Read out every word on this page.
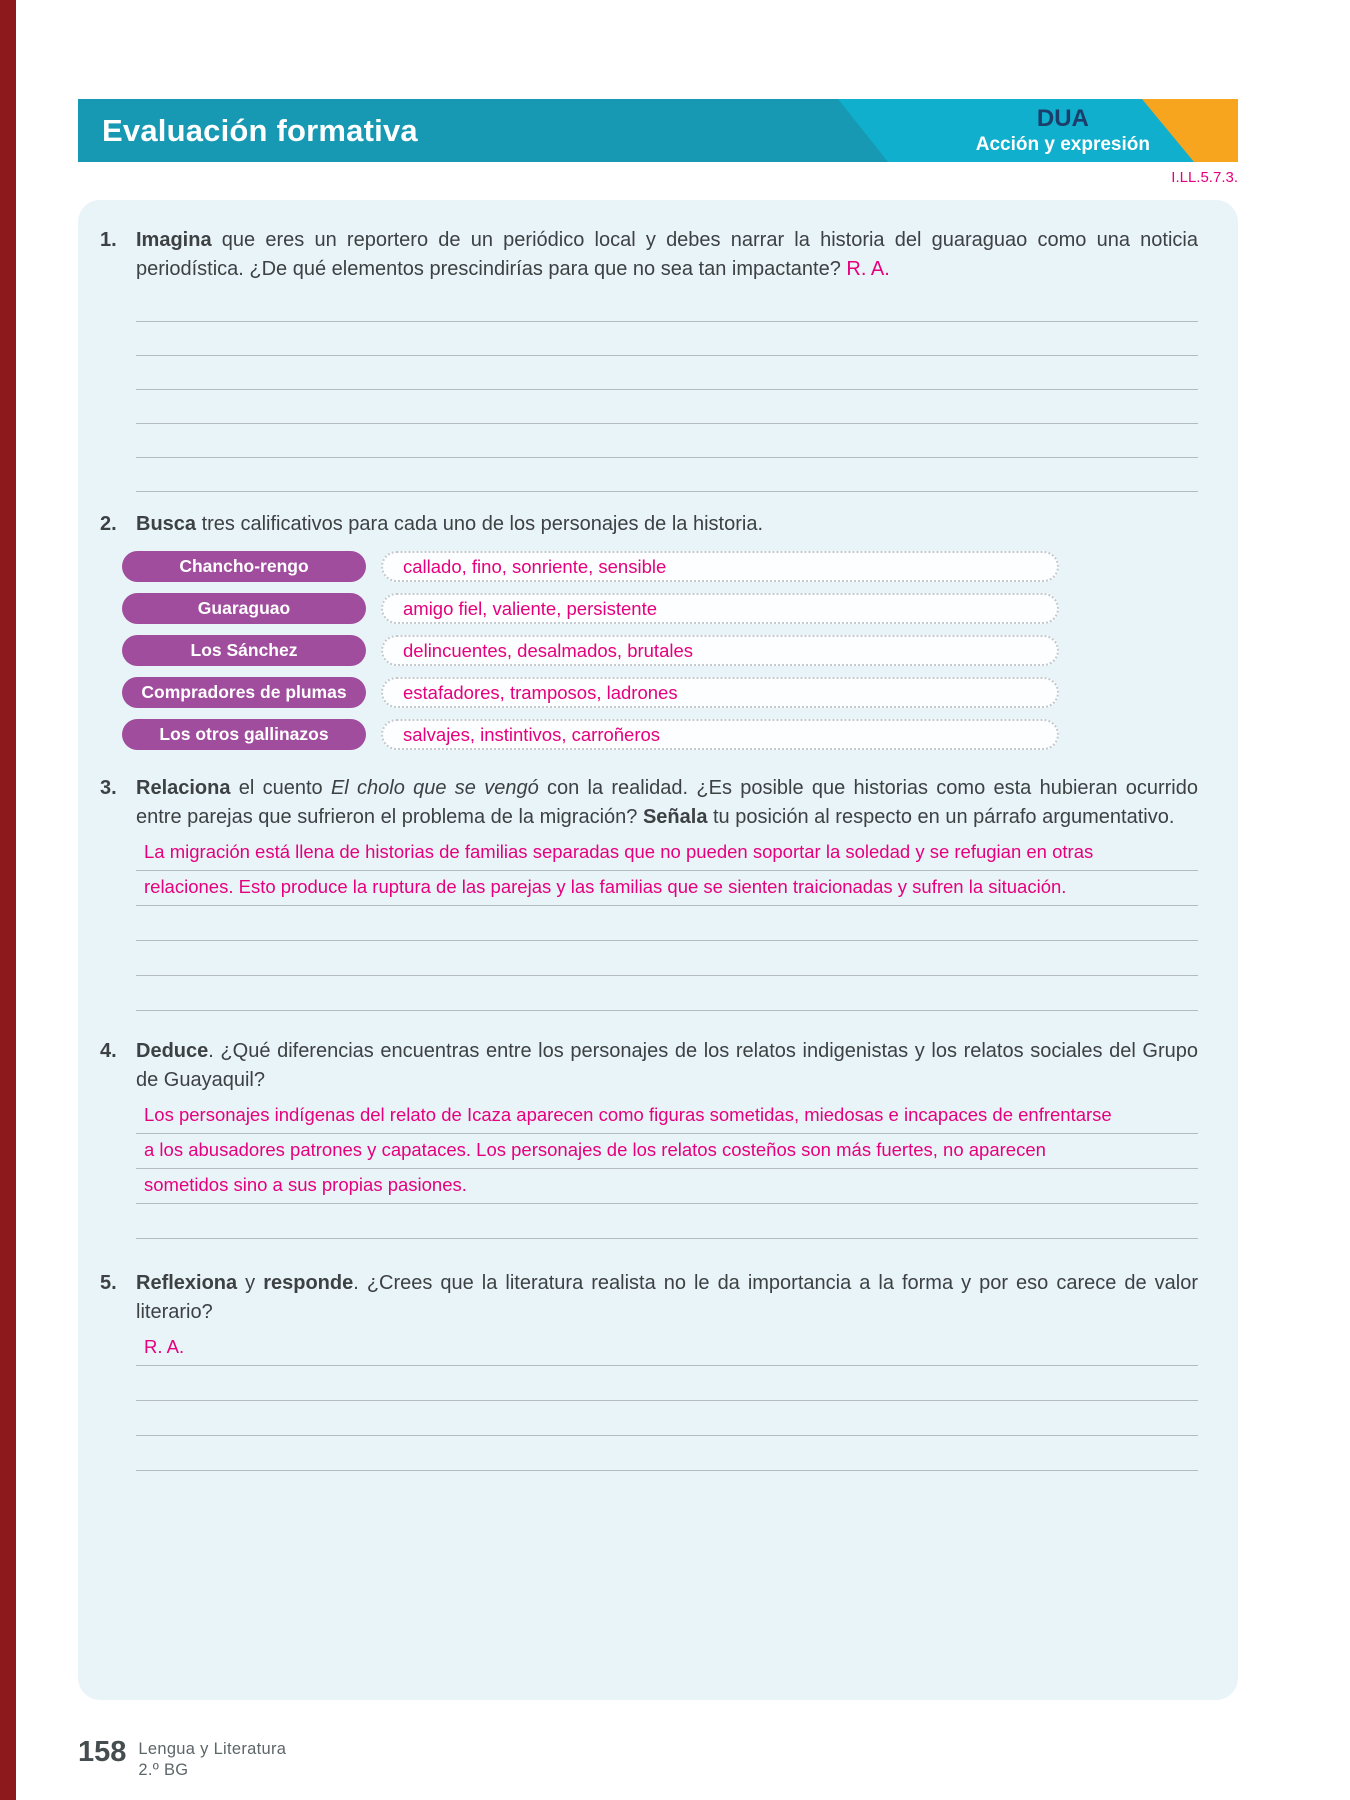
Evaluación formativa	DUA
Acción y expresión
I.LL.5.7.3.
1. Imagina que eres un reportero de un periódico local y debes narrar la historia del guaraguao como una noticia periodística. ¿De qué elementos prescindirías para que no sea tan impactante? R. A.

2. Busca tres calificativos para cada uno de los personajes de la historia.

Chancho-rengo	callado, fino, sonriente, sensible
Guaraguao	amigo fiel, valiente, persistente
Los Sánchez	delincuentes, desalmados, brutales
Compradores de plumas	estafadores, tramposos, ladrones
Los otros gallinazos	salvajes, instintivos, carroñeros
3. Relaciona el cuento El cholo que se vengó con la realidad. ¿Es posible que historias como esta hubieran ocurrido entre parejas que sufrieron el problema de la migración? Señala tu posición al respecto en un párrafo argumentativo.

La migración está llena de historias de familias separadas que no pueden soportar la soledad y se refugian en otras
relaciones. Esto produce la ruptura de las parejas y las familias que se sienten traicionadas y sufren la situación.
4. Deduce. ¿Qué diferencias encuentras entre los personajes de los relatos indigenistas y los relatos sociales del Grupo de Guayaquil?

Los personajes indígenas del relato de Icaza aparecen como figuras sometidas, miedosas e incapaces de enfrentarse
a los abusadores patrones y capataces. Los personajes de los relatos costeños son más fuertes, no aparecen
sometidos sino a sus propias pasiones.
5. Reflexiona y responde. ¿Crees que la literatura realista no le da importancia a la forma y por eso carece de valor literario?

R. A.
158 Lengua y Literatura
2.º BG
